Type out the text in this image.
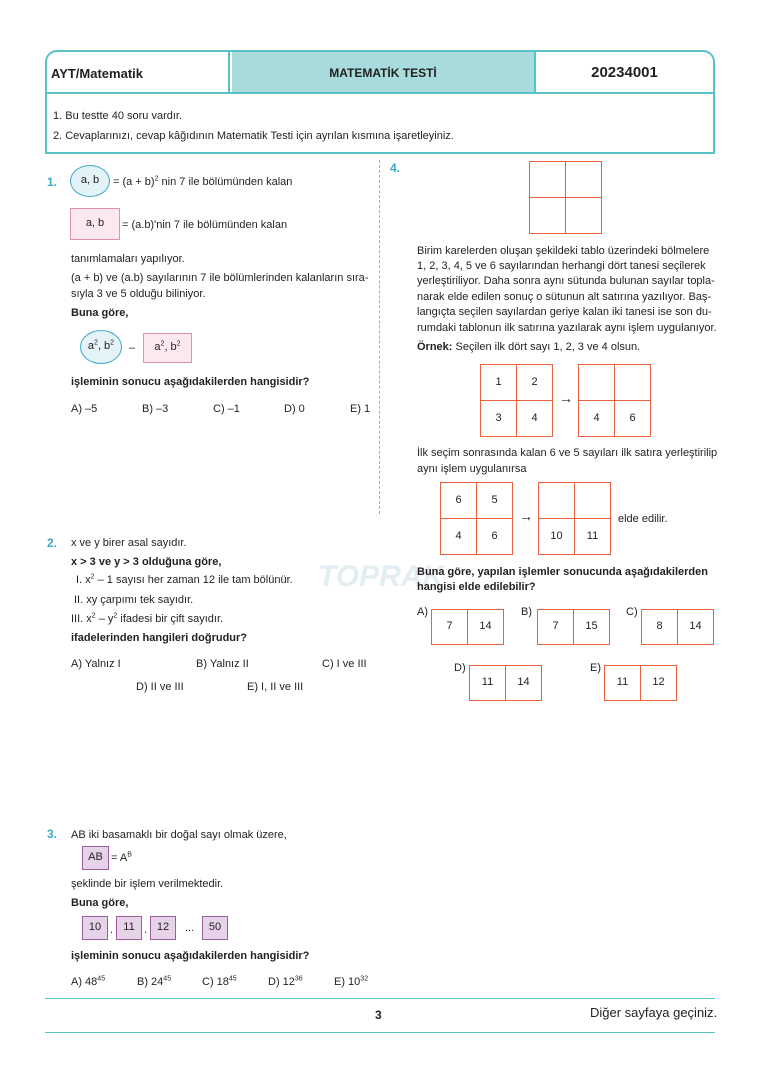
AYT/Matematik	MATEMATİK TESTİ	20234001
1. Bu testte 40 soru vardır.
2. Cevaplarınızı, cevap kâğıdının Matematik Testi için ayrılan kısmına işaretleyiniz.
TOPRAK
1.	a, b	= $(a + b)^2$ nin 7 ile bölümünden kalan
a, b	= (a.b)'nin 7 ile bölümünden kalan
tanımlamaları yapılıyor.
(a + b) ve (a.b) sayılarının 7 ile bölümlerinden kalanların sıra-
sıyla 3 ve 5 olduğu biliniyor.
Buna göre,
$a^2$, $b^2$	–	$a^2$, $b^2$
işleminin sonucu aşağıdakilerden hangisidir?
A) –5	B) –3	C) –1	D) 0	E) 1
2. x ve y birer asal sayıdır.
x > 3 ve y > 3 olduğuna göre,
I. $x^2 - 1$ sayısı her zaman 12 ile tam bölünür.
II. xy çarpımı tek sayıdır.
III. $x^2 - y^2$ ifadesi bir çift sayıdır.
ifadelerinden hangileri doğrudur?
A) Yalnız I	B) Yalnız II	C) I ve III
D) II ve III	E) I, II ve III
3. AB iki basamaklı bir doğal sayı olmak üzere,
AB = $A^B$
şeklinde bir işlem verilmektedir.
Buna göre,
10 . 11 . 12	...	50
işleminin sonucu aşağıdakilerden hangisidir?
A) $48^{45}$	B) $24^{45}$	C) $18^{45}$	D) $12^{36}$	E) $10^{32}$
4.
Birim karelerden oluşan şekildeki tablo üzerindeki bölmelere
1, 2, 3, 4, 5 ve 6 sayılarından herhangi dört tanesi seçilerek
yerleştiriliyor. Daha sonra aynı sütunda bulunan sayılar topla-
narak elde edilen sonuç o sütunun alt satırına yazılıyor. Baş-
langıçta seçilen sayılardan geriye kalan iki tanesi ise son du-
rumdaki tablonun ilk satırına yazılarak aynı işlem uygulanıyor.
Örnek: Seçilen ilk dört sayı 1, 2, 3 ve 4 olsun.
1	2
3	4
→
4	6
İlk seçim sonrasında kalan 6 ve 5 sayıları ilk satıra yerleştirilip
aynı işlem uygulanırsa
6	5
4	6
→
10	11
elde edilir.
Buna göre, yapılan işlemler sonucunda aşağıdakilerden
hangisi elde edilebilir?
A)
7	14
B)
7	15
C)
8	14
D)
11	14
E)
11	12
3	Diğer sayfaya geçiniz.
